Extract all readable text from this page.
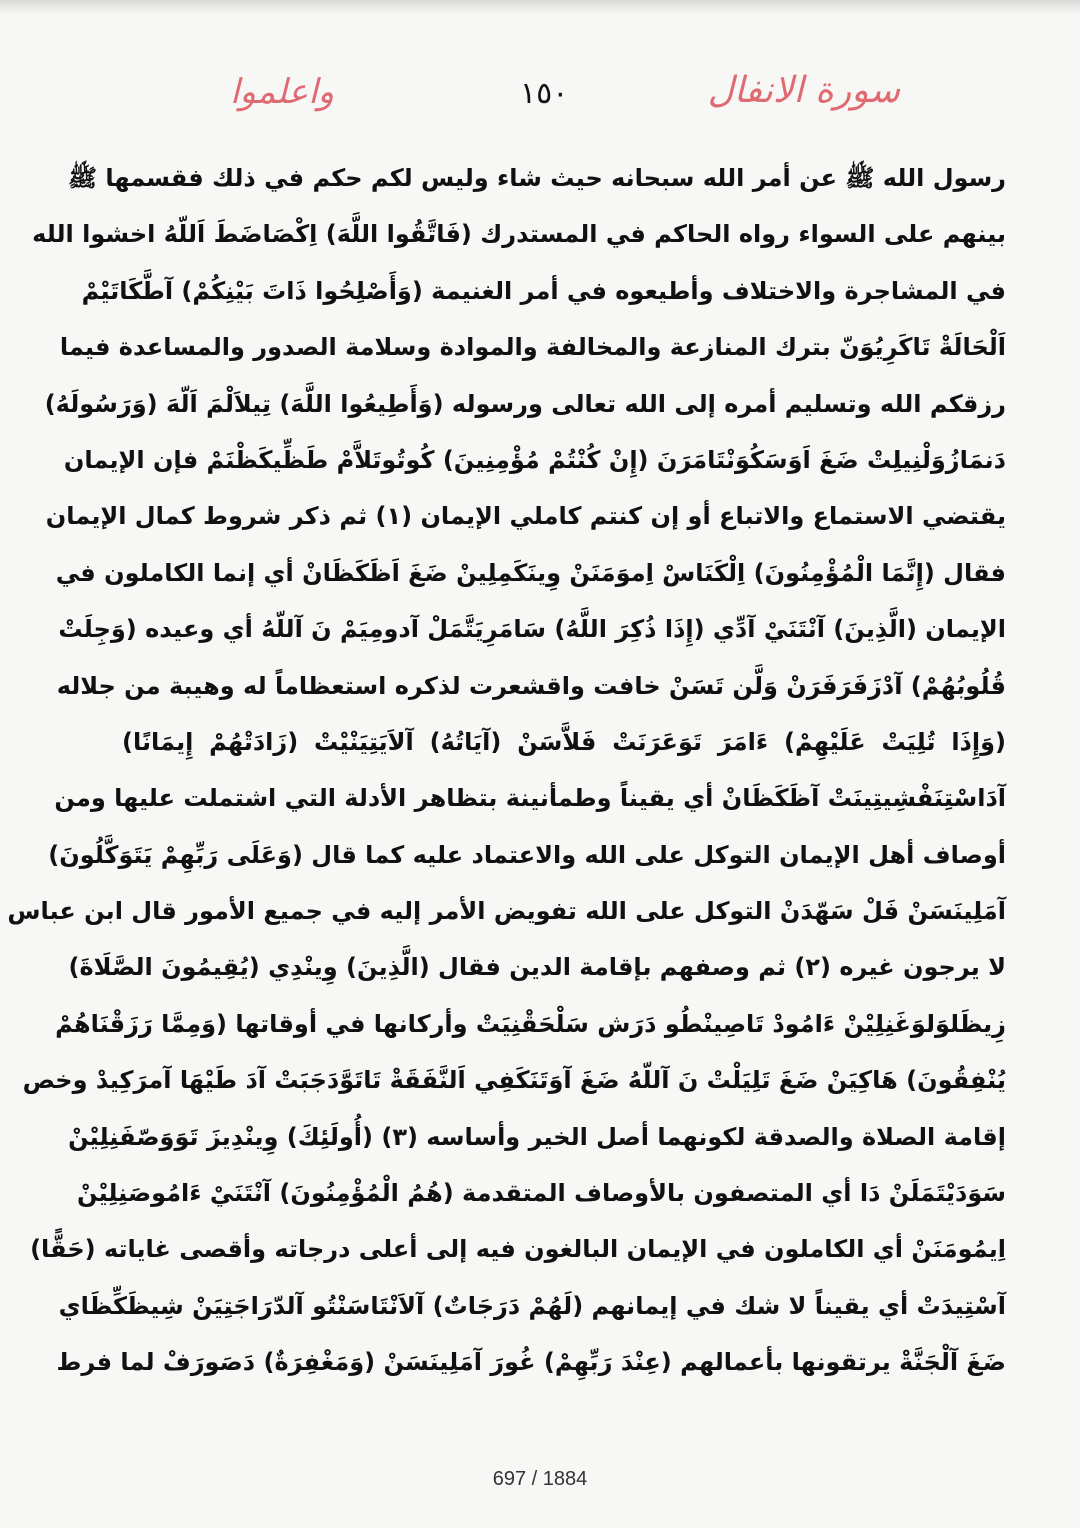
واعلموا	١٥٠	سورة الانفال
رسول الله ﷺ عن أمر الله سبحانه حيث شاء وليس لكم حكم في ذلك فقسمها ﷺ
بينهم على السواء رواه الحاكم في المستدرك (فَاتَّقُوا اللَّهَ) اِكْصَاضَطَ اَللّهُ اخشوا الله
في المشاجرة والاختلاف وأطيعوه في أمر الغنيمة (وَأَصْلِحُوا ذَاتَ بَيْنِكُمْ) آطَّكَاتَيْمْ
اَلْحَالَةْ تَاكَرِيُوَنّ بترك المنازعة والمخالفة والموادة وسلامة الصدور والمساعدة فيما
رزقكم الله وتسليم أمره إلى الله تعالى ورسوله (وَأَطِيعُوا اللَّهَ) تِيلاَلْمَ اَلّهَ (وَرَسُولَهُ)
دَنمَازُوَلْنِيلِتْ ضَغَ اَوَسَكُوَنْتَامَرَنَ (إِنْ كُنْتُمْ مُؤْمِنِينَ) كُوتُوتَلاَّمْ طَظِّيكَظْنَمْ فإن الإيمان
يقتضي الاستماع والاتباع أو إن كنتم كاملي الإيمان (١) ثم ذكر شروط كمال الإيمان
فقال (إِنَّمَا الْمُؤْمِنُونَ) اِلْكَنَاسْ اِموَمَنَنْ وِينَكَمِلِينْ ضَغَ اَظَكَظَانْ أي إنما الكاملون في
الإيمان (الَّذِينَ) آنْتَنَيْ آدِّي (إِذَا ذُكِرَ اللَّهُ) سَامَرِيَتَّمَلْ آدومِيَمْ نَ آللّهُ أي وعيده (وَجِلَتْ
قُلُوبُهُمْ) آدْزَفَرَفَرَنْ وَلَّن تَسَنْ خافت واقشعرت لذكره استعظاماً له وهيبة من جلاله
(وَإِذَا تُلِيَتْ عَلَيْهِمْ) ءَامَرَ تَوَعَرَنَتْ فَلاَّسَنْ (آيَاتُهُ) آلاَيَتِيَنْيْتْ (زَادَتْهُمْ إِيمَانًا)
آدَاسْتِنَفْشِيتِينَتْ آظَكَظَانْ أي يقيناً وطمأنينة بتظاهر الأدلة التي اشتملت عليها ومن
أوصاف أهل الإيمان التوكل على الله والاعتماد عليه كما قال (وَعَلَى رَبِّهِمْ يَتَوَكَّلُونَ)
آمَلِينَسَنْ فَلْ سَهّدَنْ التوكل على الله تفويض الأمر إليه في جميع الأمور قال ابن عباس
لا يرجون غيره (٢) ثم وصفهم بإقامة الدين فقال (الَّذِينَ) وِينْدِي (يُقِيمُونَ الصَّلَاةَ)
زِيظَلوَلوَغَنِلِيْنْ ءَامُودْ تَاصِينْطُو دَرَش سَلْحَقْنِيَتْ وأركانها في أوقاتها (وَمِمَّا رَزَقْنَاهُمْ
يُنْفِقُونَ) هَاكِيَنْ ضَغَ تَلِيَلْتْ نَ آللّهُ ضَغَ آوَتَنَكَفِي اَلنَّفَقَةْ تَاتَوَّدَجَبَتْ آدَ طَيْهَا آمرَكِيدْ وخص
إقامة الصلاة والصدقة لكونهما أصل الخير وأساسه (٣) (أُولَئِكَ) وِينْدِيزَ تَوَوَصّفَنِلِيْنْ
سَوَدَيْتَمَلَنْ دَا أي المتصفون بالأوصاف المتقدمة (هُمُ الْمُؤْمِنُونَ) آنْتَنَيْ ءَامُوصَنِلِيْنْ
اِيمُومَنَنْ أي الكاملون في الإيمان البالغون فيه إلى أعلى درجاته وأقصى غاياته (حَقًّا)
آسْتِيدَتْ أي يقيناً لا شك في إيمانهم (لَهُمْ دَرَجَاتٌ) آلاَنْتَاسَنْتُو آلدّرَاجَتِيَنْ شِيظَكِّظَاي
ضَغَ آلْجَنَّةْ يرتقونها بأعمالهم (عِنْدَ رَبِّهِمْ) غُورَ آمَلِينَسَنْ (وَمَغْفِرَةٌ) دَصَورَفْ لما فرط
697 / 1884
